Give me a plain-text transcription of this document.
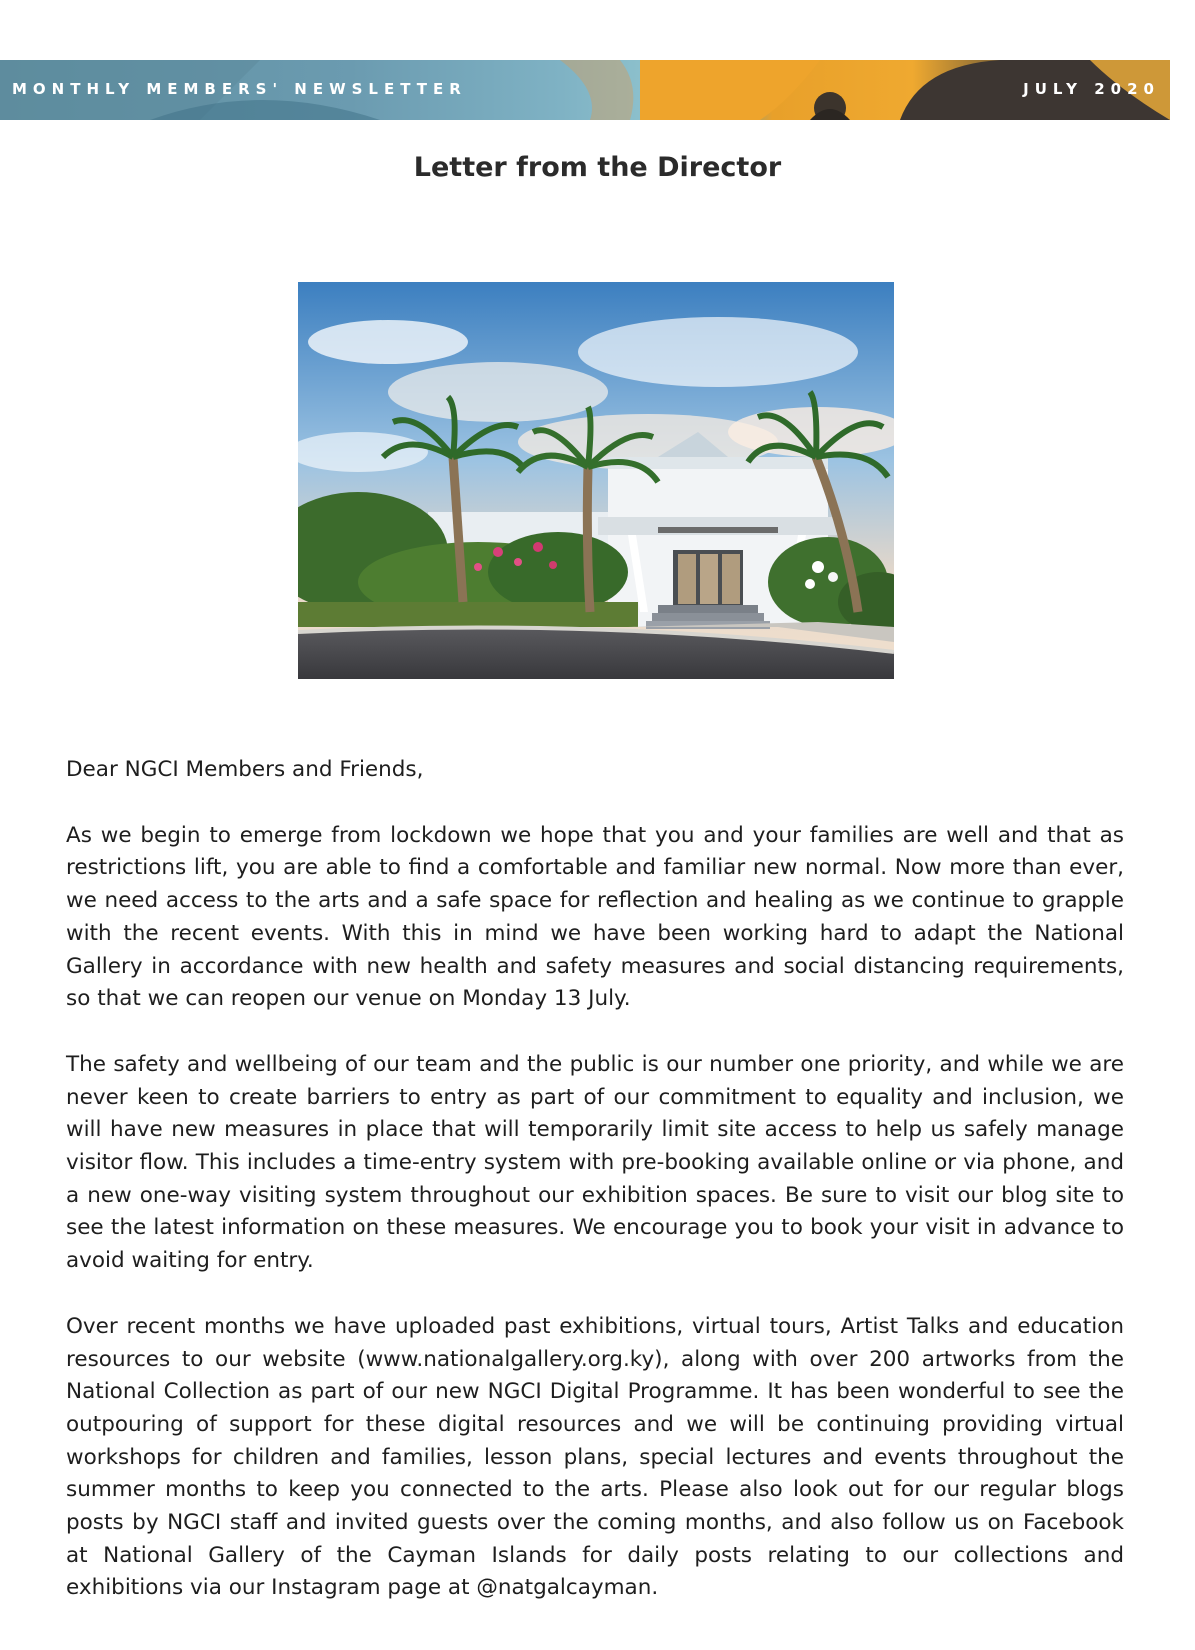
MONTHLY MEMBERS' NEWSLETTER	JULY 2020
Letter from the Director

Dear NGCI Members and Friends,

As we begin to emerge from lockdown we hope that you and your families are well and that as restrictions lift, you are able to find a comfortable and familiar new normal. Now more than ever, we need access to the arts and a safe space for reflection and healing as we continue to grapple with the recent events. With this in mind we have been working hard to adapt the National Gallery in accordance with new health and safety measures and social distancing requirements, so that we can reopen our venue on Monday 13 July.

The safety and wellbeing of our team and the public is our number one priority, and while we are never keen to create barriers to entry as part of our commitment to equality and inclusion, we will have new measures in place that will temporarily limit site access to help us safely manage visitor flow. This includes a time-entry system with pre-booking available online or via phone, and a new one-way visiting system throughout our exhibition spaces. Be sure to visit our blog site to see the latest information on these measures. We encourage you to book your visit in advance to avoid waiting for entry.

Over recent months we have uploaded past exhibitions, virtual tours, Artist Talks and education resources to our website (www.nationalgallery.org.ky), along with over 200 artworks from the National Collection as part of our new NGCI Digital Programme. It has been wonderful to see the outpouring of support for these digital resources and we will be continuing providing virtual workshops for children and families, lesson plans, special lectures and events throughout the summer months to keep you connected to the arts. Please also look out for our regular blogs posts by NGCI staff and invited guests over the coming months, and also follow us on Facebook at National Gallery of the Cayman Islands for daily posts relating to our collections and exhibitions via our Instagram page at @natgalcayman.
